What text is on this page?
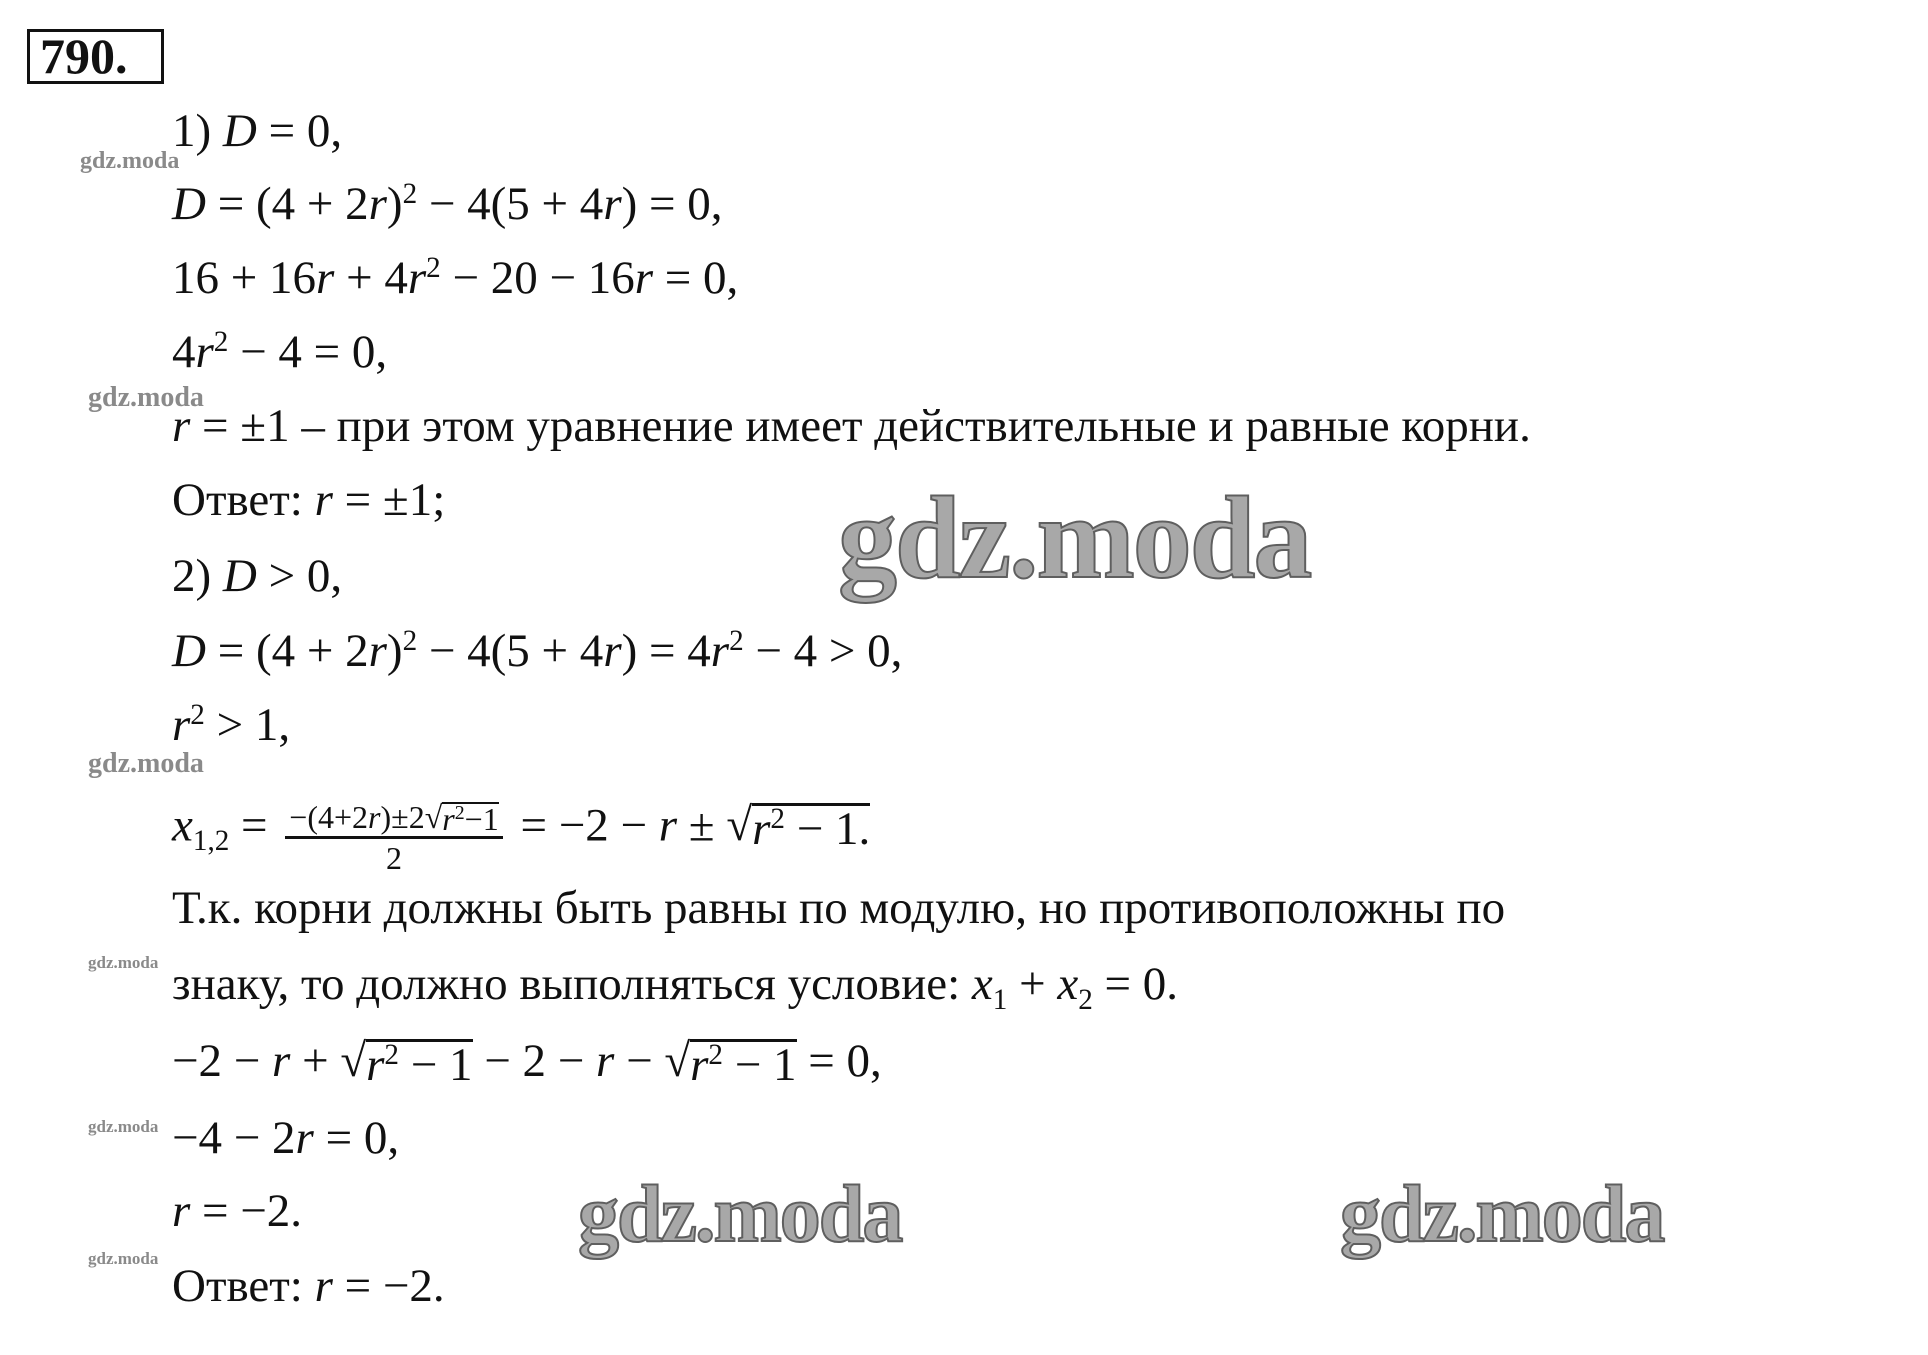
790.
gdz.moda
gdz.moda
gdz.moda
gdz.moda
gdz.moda
gdz.moda
gdz.moda
gdz.moda	gdz.moda
1) D = 0,
$D = (4 + 2r)^2 - 4(5 + 4r) = 0$,
$16 + 16r + 4r^2 - 20 - 16r = 0$,
$4r^2 - 4 = 0$,
r = ±1 – при этом уравнение имеет действительные и равные корни.
Ответ: r = ±1;
2) D > 0,
$D = (4 + 2r)^2 - 4(5 + 4r) = 4r^2 - 4 > 0$,
$r^2 > 1$,
$x_{1,2} = \frac{-(4+2r)\pm 2 √ r^2-1}{2} = -2 - r$ ± √ $r^2 - 1$.
Т.к. корни должны быть равны по модулю, но противоположны по
знаку, то должно выполняться условие: $x_1 + x_2 = 0$.
−2 − r + √ $r^2 - 1 - 2 - r$ − √ $r^2 - 1 = 0$,
−4 − 2r = 0,
r = −2.
Ответ: r = −2.
